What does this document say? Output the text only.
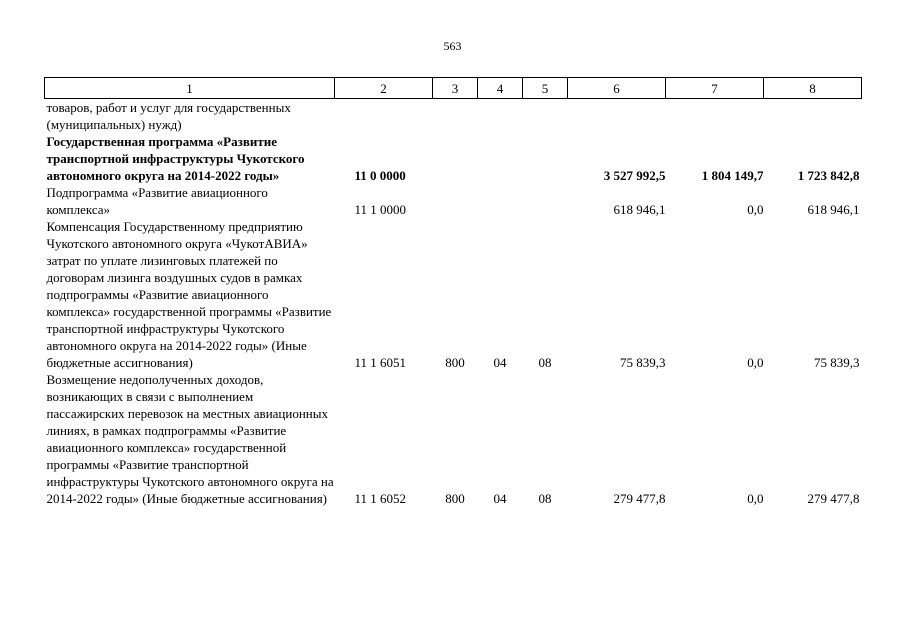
563
1	2	3	4	5	6	7	8
товаров, работ и услуг для государственных (муниципальных) нужд)							
Государственная программа «Развитие транспортной инфраструктуры Чукотского автономного округа на 2014-2022 годы»	11 0 0000				3 527 992,5	1 804 149,7	1 723 842,8
Подпрограмма «Развитие авиационного комплекса»	11 1 0000				618 946,1	0,0	618 946,1
Компенсация Государственному предприятию Чукотского автономного округа «ЧукотАВИА» затрат по уплате лизинговых платежей по договорам лизинга воздушных судов в рамках подпрограммы «Развитие авиационного комплекса» государственной программы «Развитие транспортной инфраструктуры Чукотского автономного округа на 2014-2022 годы» (Иные бюджетные ассигнования)	11 1 6051	800	04	08	75 839,3	0,0	75 839,3
Возмещение недополученных доходов, возникающих в связи с выполнением пассажирских перевозок на местных авиационных линиях, в рамках подпрограммы «Развитие авиационного комплекса» государственной программы «Развитие транспортной инфраструктуры Чукотского автономного округа на 2014-2022 годы» (Иные бюджетные ассигнования)	11 1 6052	800	04	08	279 477,8	0,0	279 477,8
